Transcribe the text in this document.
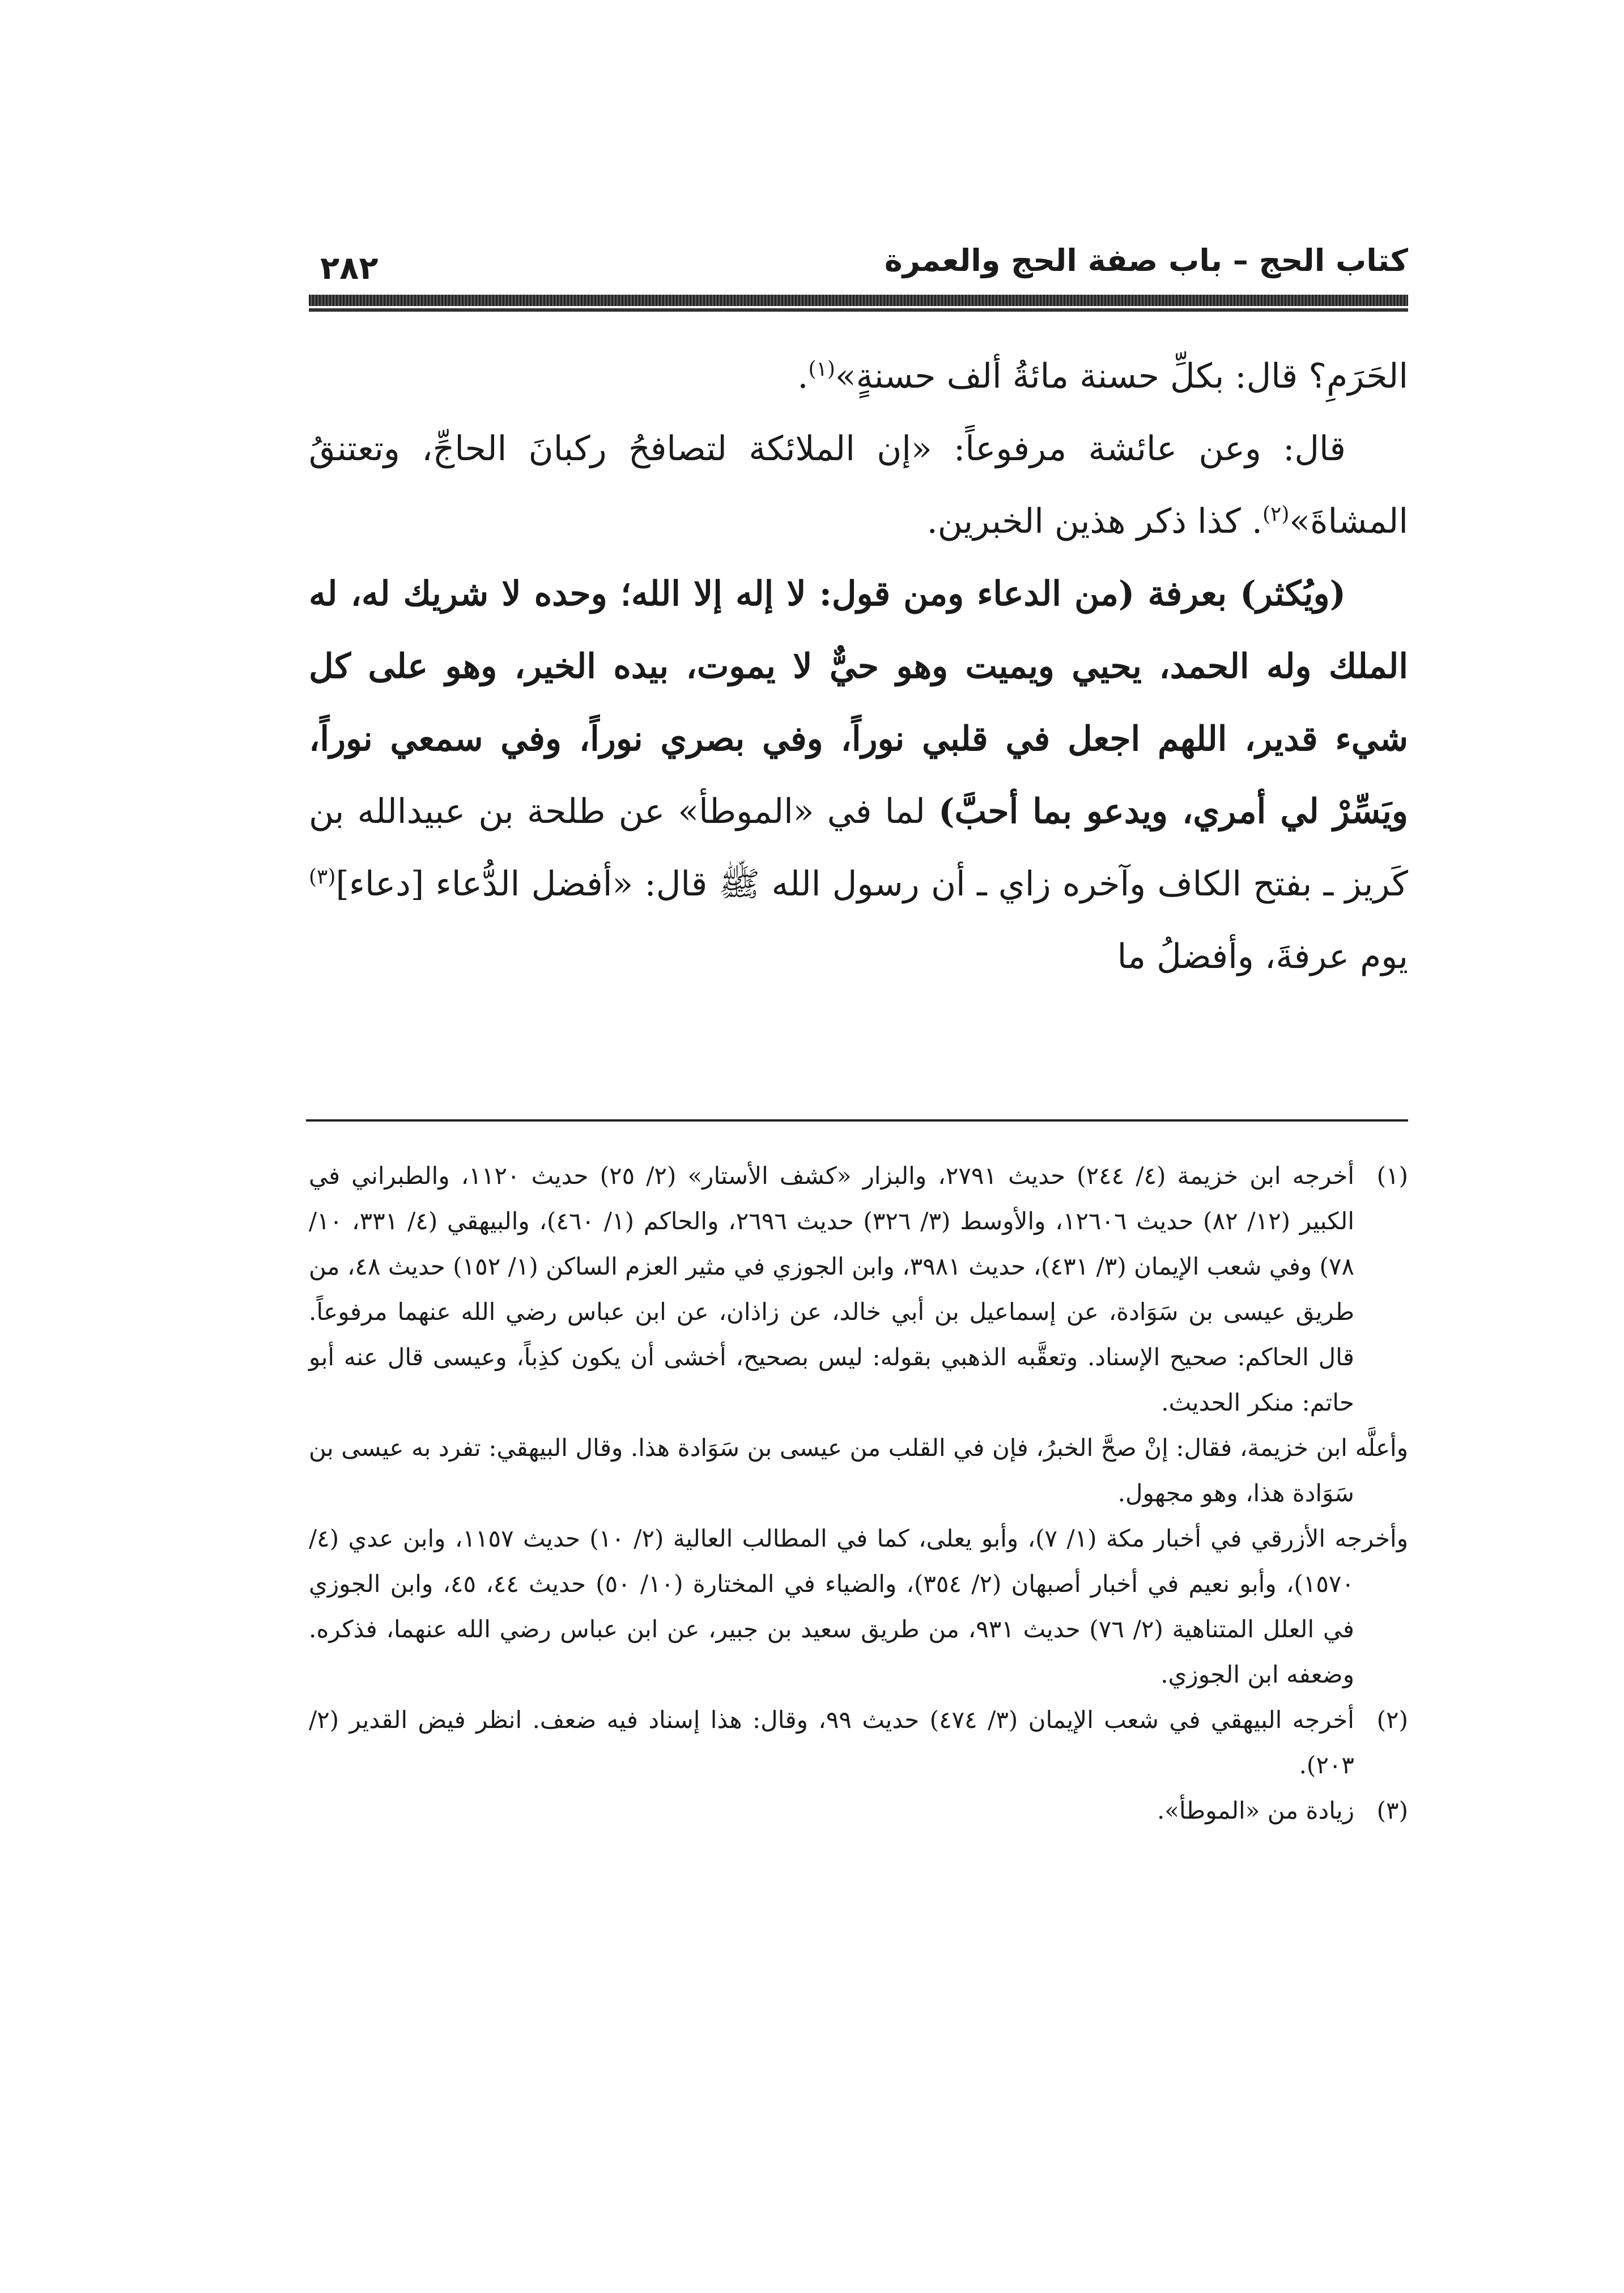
كتاب الحج – باب صفة الحج والعمرة
٢٨٢

الحَرَمِ؟ قال: بكلِّ حسنة مائةُ ألف حسنةٍ»$^{(١)}$.

قال: وعن عائشة مرفوعاً: «إن الملائكة لتصافحُ ركبانَ الحاجِّ، وتعتنقُ المشاةَ»$^{(٢)}$. كذا ذكر هذين الخبرين.

(ويُكثر) بعرفة (من الدعاء ومن قول: لا إله إلا الله؛ وحده لا شريك له، له الملك وله الحمد، يحيي ويميت وهو حيٌّ لا يموت، بيده الخير، وهو على كل شيء قدير، اللهم اجعل في قلبي نوراً، وفي بصري نوراً، وفي سمعي نوراً، ويَسِّرْ لي أمري، ويدعو بما أحبَّ) لما في «الموطأ» عن طلحة بن عبيدالله بن كَريز ـ بفتح الكاف وآخره زاي ـ أن رسول الله ﷺ قال: «أفضل الدُّعاء [دعاء]$^{(٣)}$ يوم عرفةَ، وأفضلُ ما

(١)أخرجه ابن خزيمة (٤/ ٢٤٤) حديث ٢٧٩١، والبزار «كشف الأستار» (٢/ ٢٥) حديث ١١٢٠، والطبراني في الكبير (١٢/ ٨٢) حديث ١٢٦٠٦، والأوسط (٣/ ٣٢٦) حديث ٢٦٩٦، والحاكم (١/ ٤٦٠)، والبيهقي (٤/ ٣٣١، ١٠/ ٧٨) وفي شعب الإيمان (٣/ ٤٣١)، حديث ٣٩٨١، وابن الجوزي في مثير العزم الساكن (١/ ١٥٢) حديث ٤٨، من طريق عيسى بن سَوَادة، عن إسماعيل بن أبي خالد، عن زاذان، عن ابن عباس رضي الله عنهما مرفوعاً. قال الحاكم: صحيح الإسناد. وتعقَّبه الذهبي بقوله: ليس بصحيح، أخشى أن يكون كذِباً، وعيسى قال عنه أبو حاتم: منكر الحديث.

وأعلَّه ابن خزيمة، فقال: إنْ صحَّ الخبرُ، فإن في القلب من عيسى بن سَوَادة هذا. وقال البيهقي: تفرد به عيسى بن سَوَادة هذا، وهو مجهول.

وأخرجه الأزرقي في أخبار مكة (١/ ٧)، وأبو يعلى، كما في المطالب العالية (٢/ ١٠) حديث ١١٥٧، وابن عدي (٤/ ١٥٧٠)، وأبو نعيم في أخبار أصبهان (٢/ ٣٥٤)، والضياء في المختارة (١٠/ ٥٠) حديث ٤٤، ٤٥، وابن الجوزي في العلل المتناهية (٢/ ٧٦) حديث ٩٣١، من طريق سعيد بن جبير، عن ابن عباس رضي الله عنهما، فذكره. وضعفه ابن الجوزي.

(٢)أخرجه البيهقي في شعب الإيمان (٣/ ٤٧٤) حديث ٩٩، وقال: هذا إسناد فيه ضعف. انظر فيض القدير (٢/ ٢٠٣).

(٣)زيادة من «الموطأ».
